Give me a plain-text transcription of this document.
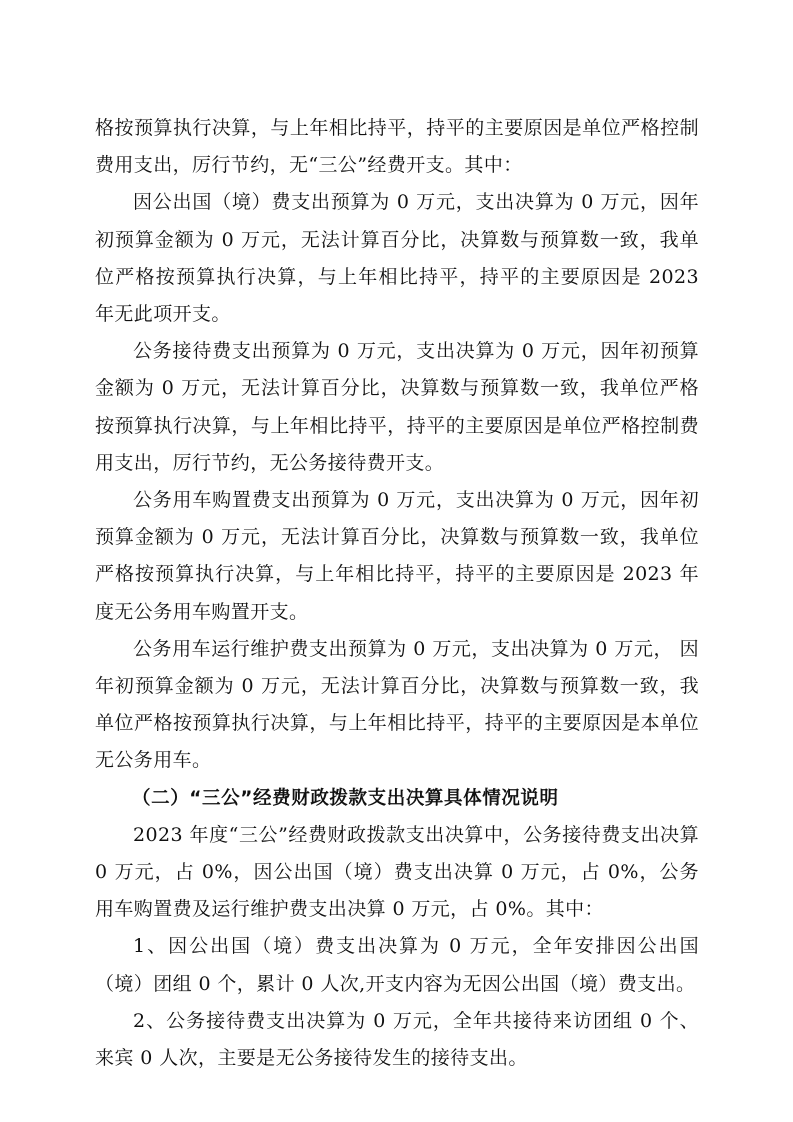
格按预算执行决算，与上年相比持平，持平的主要原因是单位严格控制费用支出，厉行节约，无“三公”经费开支。其中：

因公出国（境）费支出预算为 0 万元，支出决算为 0 万元，因年初预算金额为 0 万元，无法计算百分比，决算数与预算数一致，我单位严格按预算执行决算，与上年相比持平，持平的主要原因是 2023 年无此项开支。

公务接待费支出预算为 0 万元，支出决算为 0 万元，因年初预算金额为 0 万元，无法计算百分比，决算数与预算数一致，我单位严格按预算执行决算，与上年相比持平，持平的主要原因是单位严格控制费用支出，厉行节约，无公务接待费开支。

公务用车购置费支出预算为 0 万元，支出决算为 0 万元，因年初预算金额为 0 万元，无法计算百分比，决算数与预算数一致，我单位严格按预算执行决算，与上年相比持平，持平的主要原因是 2023 年度无公务用车购置开支。

公务用车运行维护费支出预算为 0 万元，支出决算为 0 万元， 因年初预算金额为 0 万元，无法计算百分比，决算数与预算数一致，我单位严格按预算执行决算，与上年相比持平，持平的主要原因是本单位无公务用车。

（二）“三公”经费财政拨款支出决算具体情况说明

2023 年度“三公”经费财政拨款支出决算中，公务接待费支出决算 0 万元，占 0%，因公出国（境）费支出决算 0 万元，占 0%，公务用车购置费及运行维护费支出决算 0 万元，占 0%。其中：

1、因公出国（境）费支出决算为 0 万元，全年安排因公出国（境）团组 0 个，累计 0 人次,开支内容为无因公出国（境）费支出。

2、公务接待费支出决算为 0 万元，全年共接待来访团组 0 个、来宾 0 人次，主要是无公务接待发生的接待支出。
